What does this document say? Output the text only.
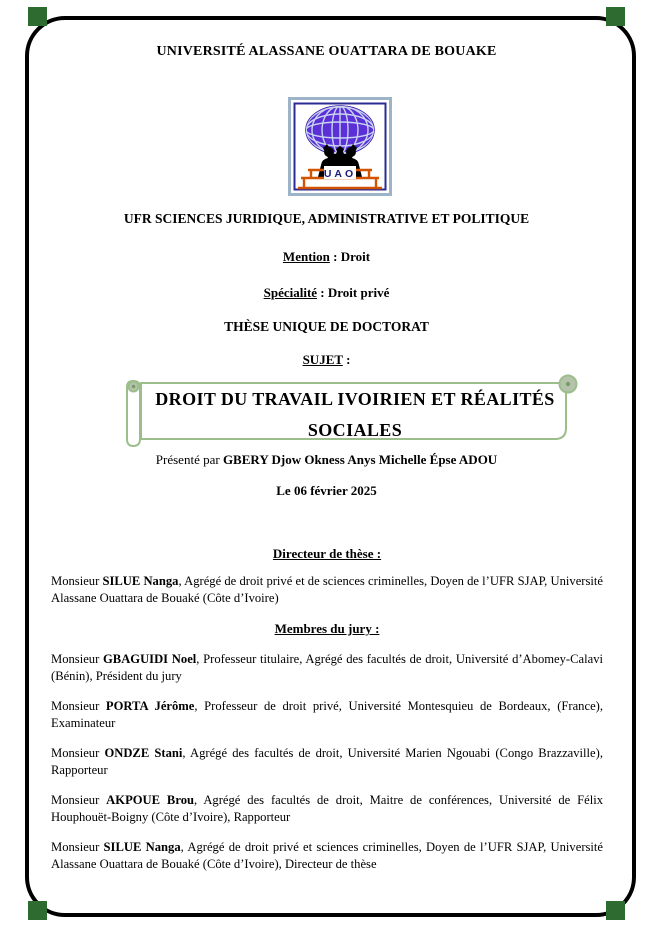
UNIVERSITÉ ALASSANE OUATTARA DE BOUAKE
UAO
UFR SCIENCES JURIDIQUE, ADMINISTRATIVE ET POLITIQUE
Mention : Droit
Spécialité : Droit privé
THÈSE UNIQUE DE DOCTORAT
SUJET :
DROIT DU TRAVAIL IVOIRIEN ET RÉALITÉS
SOCIALES
Présenté par GBERY Djow Okness Anys Michelle Épse ADOU
Le 06 février 2025
Directeur de thèse :

Monsieur SILUE Nanga, Agrégé de droit privé et de sciences criminelles, Doyen de l’UFR SJAP, Université Alassane Ouattara de Bouaké (Côte d’Ivoire)

Membres du jury :

Monsieur GBAGUIDI Noel, Professeur titulaire, Agrégé des facultés de droit, Université d’Abomey-Calavi (Bénin), Président du jury

Monsieur PORTA Jérôme, Professeur de droit privé, Université Montesquieu de Bordeaux, (France), Examinateur

Monsieur ONDZE Stani, Agrégé des facultés de droit, Université Marien Ngouabi (Congo Brazzaville), Rapporteur

Monsieur AKPOUE Brou, Agrégé des facultés de droit, Maitre de conférences, Université de Félix Houphouët-Boigny (Côte d’Ivoire), Rapporteur

Monsieur SILUE Nanga, Agrégé de droit privé et sciences criminelles, Doyen de l’UFR SJAP, Université Alassane Ouattara de Bouaké (Côte d’Ivoire), Directeur de thèse
